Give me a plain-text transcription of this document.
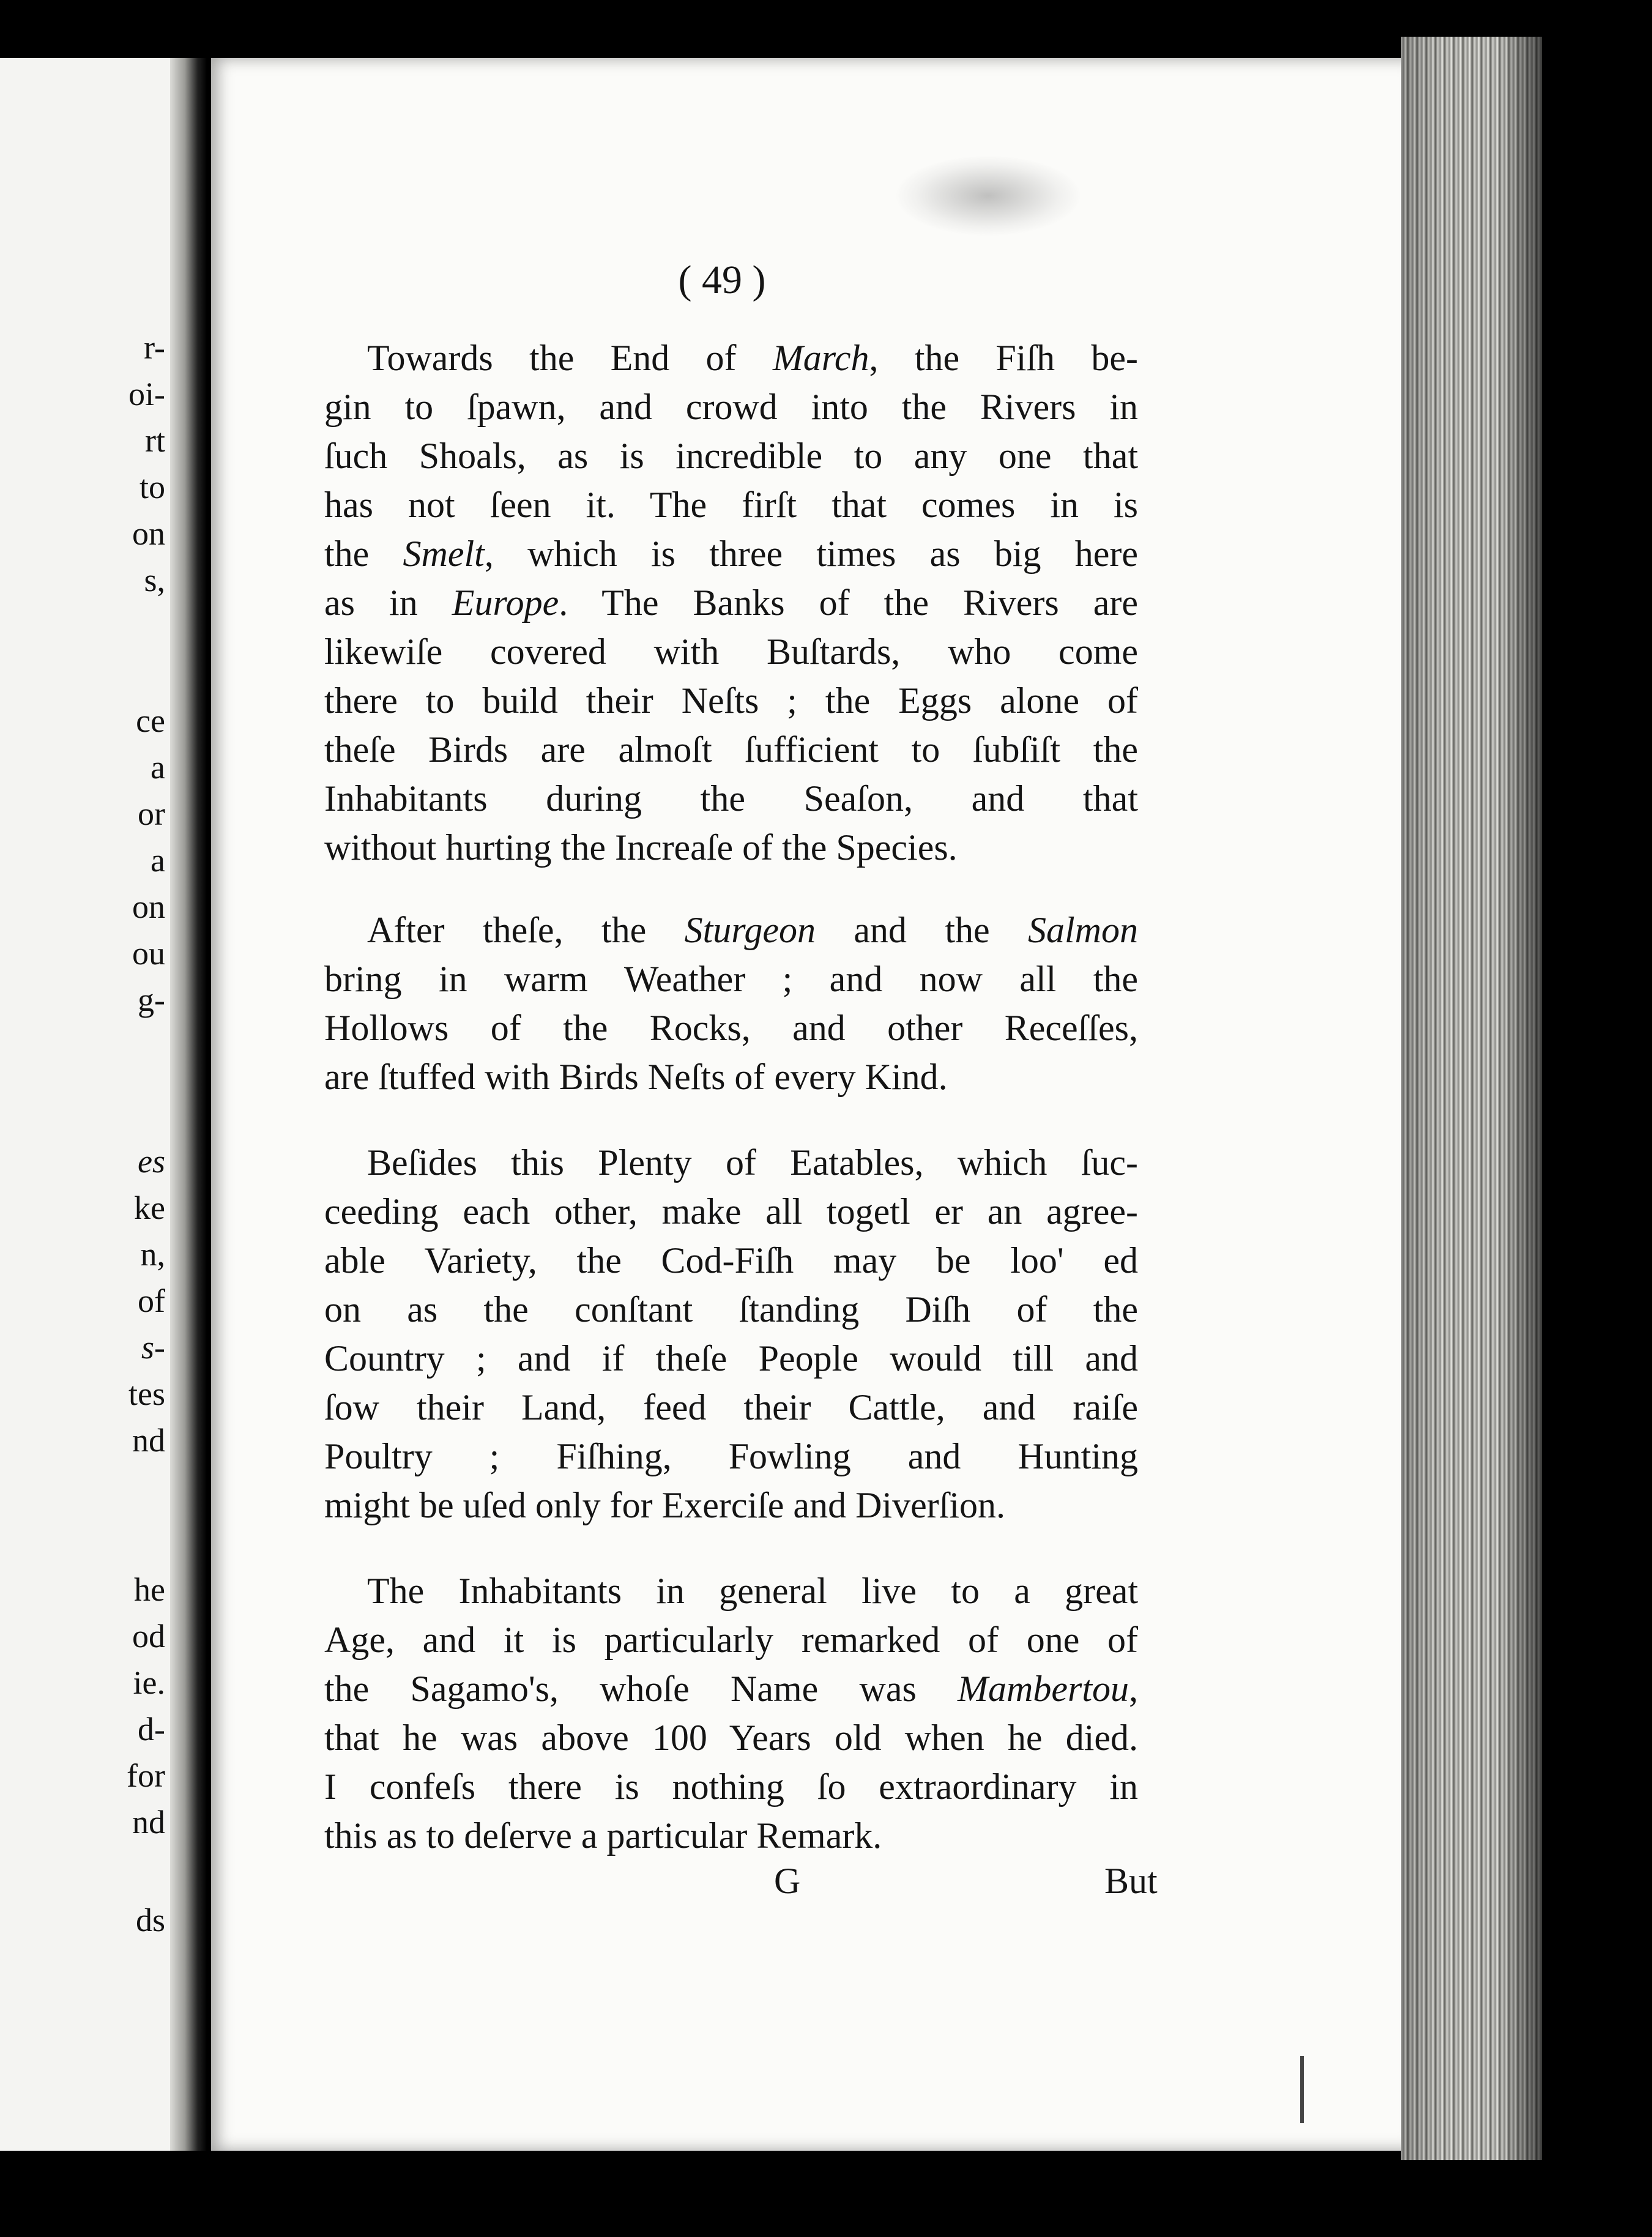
r-
oi-
rt
to
on
s,
ce
a
or
a
on
ou
g-
es
ke
n,
of
s-
tes
nd
he
od
ie.
d-
for
nd
ds
( 49 )
Towards the End of March, the Fiſh be-
gin to ſpawn, and crowd into the Rivers in
ſuch Shoals, as is incredible to any one that
has not ſeen it. The firſt that comes in is
the Smelt, which is three times as big here
as in Europe. The Banks of the Rivers are
likewiſe covered with Buſtards, who come
there to build their Neſts ; the Eggs alone of
theſe Birds are almoſt ſufficient to ſubſiſt the
Inhabitants during the Seaſon, and that
without hurting the Increaſe of the Species.
After theſe, the Sturgeon and the Salmon
bring in warm Weather ; and now all the
Hollows of the Rocks, and other Receſſes,
are ſtuffed with Birds Neſts of every Kind.
Beſides this Plenty of Eatables, which ſuc-
ceeding each other, make all togetl er an agree-
able Variety, the Cod-Fiſh may be loo' ed
on as the conſtant ſtanding Diſh of the
Country ; and if theſe People would till and
ſow their Land, feed their Cattle, and raiſe
Poultry ; Fiſhing, Fowling and Hunting
might be uſed only for Exerciſe and Diverſion.
The Inhabitants in general live to a great
Age, and it is particularly remarked of one of
the Sagamo's, whoſe Name was Mambertou,
that he was above 100 Years old when he died.
I confeſs there is nothing ſo extraordinary in
this as to deſerve a particular Remark.
G	But
